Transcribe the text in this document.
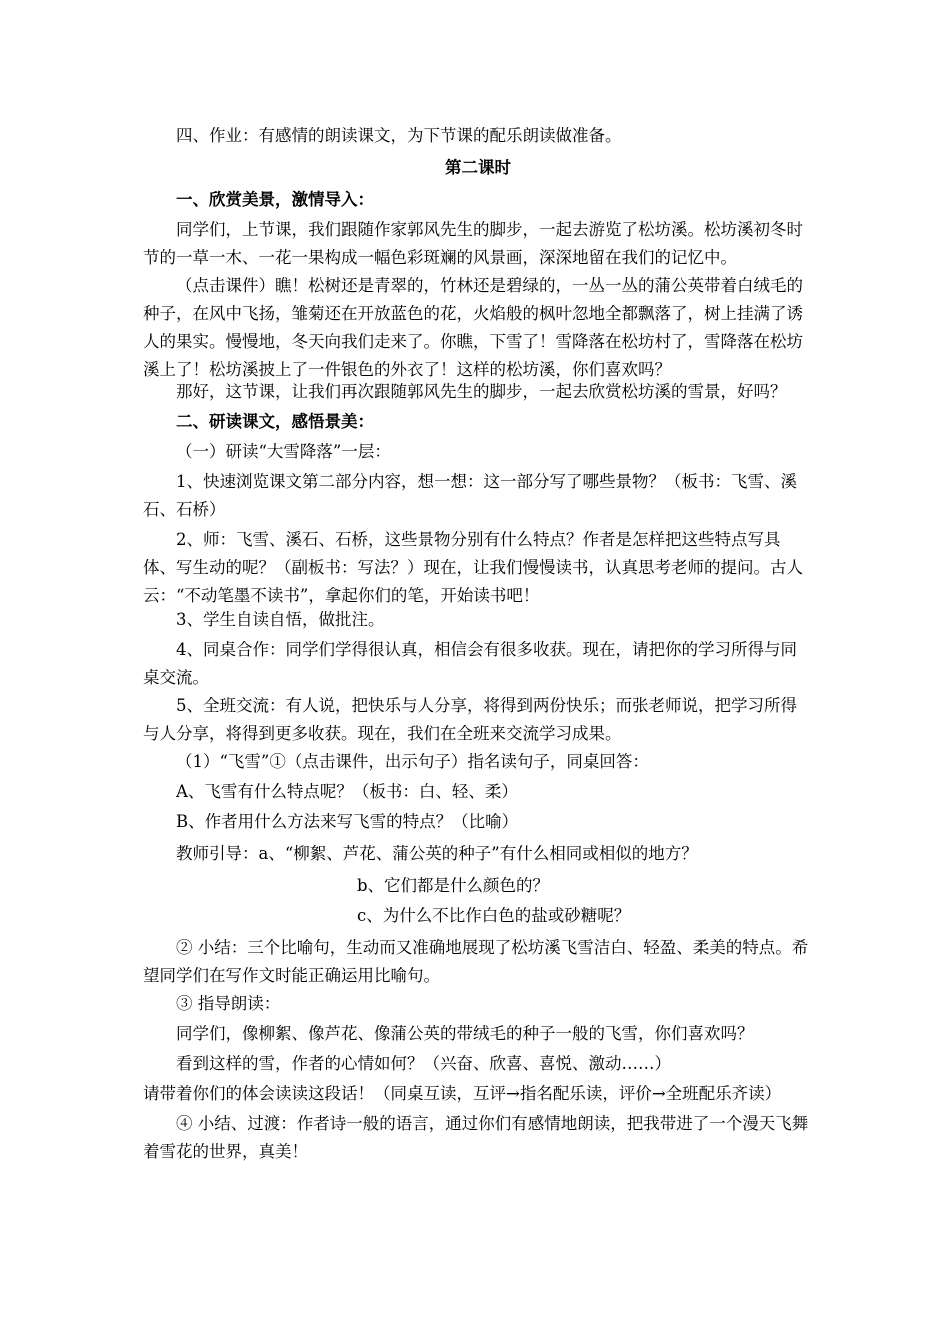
四、作业：有感情的朗读课文，为下节课的配乐朗读做准备。

第二课时

一、欣赏美景，激情导入：

同学们，上节课，我们跟随作家郭风先生的脚步，一起去游览了松坊溪。松坊溪初冬时节的一草一木、一花一果构成一幅色彩斑斓的风景画，深深地留在我们的记忆中。

（点击课件）瞧！松树还是青翠的，竹林还是碧绿的，一丛一丛的蒲公英带着白绒毛的种子，在风中飞扬，雏菊还在开放蓝色的花，火焰般的枫叶忽地全都飘落了，树上挂满了诱人的果实。慢慢地，冬天向我们走来了。你瞧，下雪了！雪降落在松坊村了，雪降落在松坊溪上了！松坊溪披上了一件银色的外衣了！这样的松坊溪，你们喜欢吗？

那好，这节课，让我们再次跟随郭风先生的脚步，一起去欣赏松坊溪的雪景，好吗？

二、研读课文，感悟景美：

（一）研读“大雪降落”一层：

1、快速浏览课文第二部分内容，想一想：这一部分写了哪些景物？（板书：飞雪、溪石、石桥）

2、师：飞雪、溪石、石桥，这些景物分别有什么特点？作者是怎样把这些特点写具体、写生动的呢？（副板书：写法？）现在，让我们慢慢读书，认真思考老师的提问。古人云：“不动笔墨不读书”，拿起你们的笔，开始读书吧！

3、学生自读自悟，做批注。

4、同桌合作：同学们学得很认真，相信会有很多收获。现在，请把你的学习所得与同桌交流。

5、全班交流：有人说，把快乐与人分享，将得到两份快乐；而张老师说，把学习所得与人分享，将得到更多收获。现在，我们在全班来交流学习成果。

（1）“飞雪”①（点击课件，出示句子）指名读句子，同桌回答：

A、飞雪有什么特点呢？（板书：白、轻、柔）

B、作者用什么方法来写飞雪的特点？（比喻）

教师引导：a、“柳絮、芦花、蒲公英的种子”有什么相同或相似的地方？

b、它们都是什么颜色的？

c、为什么不比作白色的盐或砂糖呢？

② 小结：三个比喻句，生动而又准确地展现了松坊溪飞雪洁白、轻盈、柔美的特点。希望同学们在写作文时能正确运用比喻句。

③ 指导朗读：

同学们，像柳絮、像芦花、像蒲公英的带绒毛的种子一般的飞雪，你们喜欢吗？

看到这样的雪，作者的心情如何？（兴奋、欣喜、喜悦、激动……）

请带着你们的体会读读这段话！（同桌互读，互评→指名配乐读，评价→全班配乐齐读）

④ 小结、过渡：作者诗一般的语言，通过你们有感情地朗读，把我带进了一个漫天飞舞着雪花的世界，真美！
